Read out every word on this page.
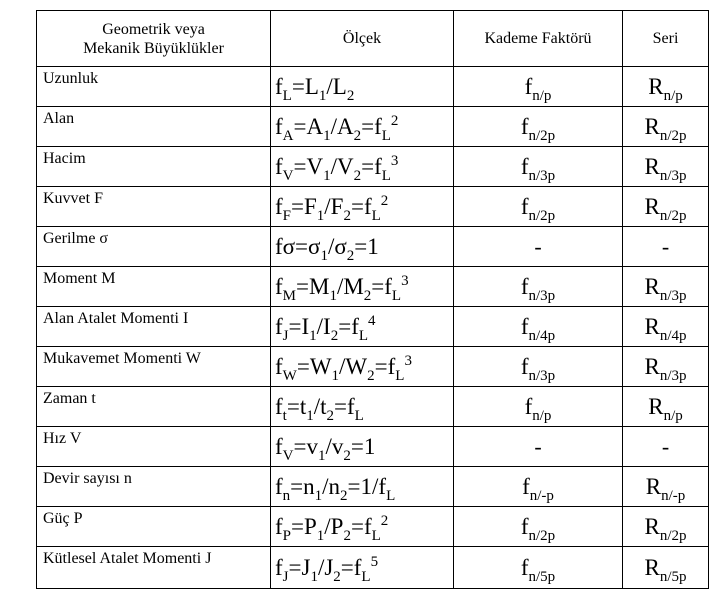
Geometrik veya
Mekanik Büyüklükler	Ölçek	Kademe Faktörü	Seri
Uzunluk	$f_L=L_1/L_2$	$f_{n/p}$	$R_{n/p}$
Alan	$f_A=A_1/A_2=f_L^2$	$f_{n/2p}$	$R_{n/2p}$
Hacim	$f_V=V_1/V_2=f_L^3$	$f_{n/3p}$	$R_{n/3p}$
Kuvvet F	$f_F=F_1/F_2=f_L^2$	$f_{n/2p}$	$R_{n/2p}$
Gerilme σ	$f\sigma=\sigma_1/\sigma_2=1$	-	-
Moment M	$f_M=M_1/M_2=f_L^3$	$f_{n/3p}$	$R_{n/3p}$
Alan Atalet Momenti I	$f_J=I_1/I_2=f_L^4$	$f_{n/4p}$	$R_{n/4p}$
Mukavemet Momenti W	$f_W=W_1/W_2=f_L^3$	$f_{n/3p}$	$R_{n/3p}$
Zaman t	$f_t=t_1/t_2=f_L$	$f_{n/p}$	$R_{n/p}$
Hız V	$f_V=v_1/v_2=1$	-	-
Devir sayısı n	$f_n=n_1/n_2=1/f_L$	$f_{n/-p}$	$R_{n/-p}$
Güç P	$f_P=P_1/P_2=f_L^2$	$f_{n/2p}$	$R_{n/2p}$
Kütlesel Atalet Momenti J	$f_J=J_1/J_2=f_L^5$	$f_{n/5p}$	$R_{n/5p}$
